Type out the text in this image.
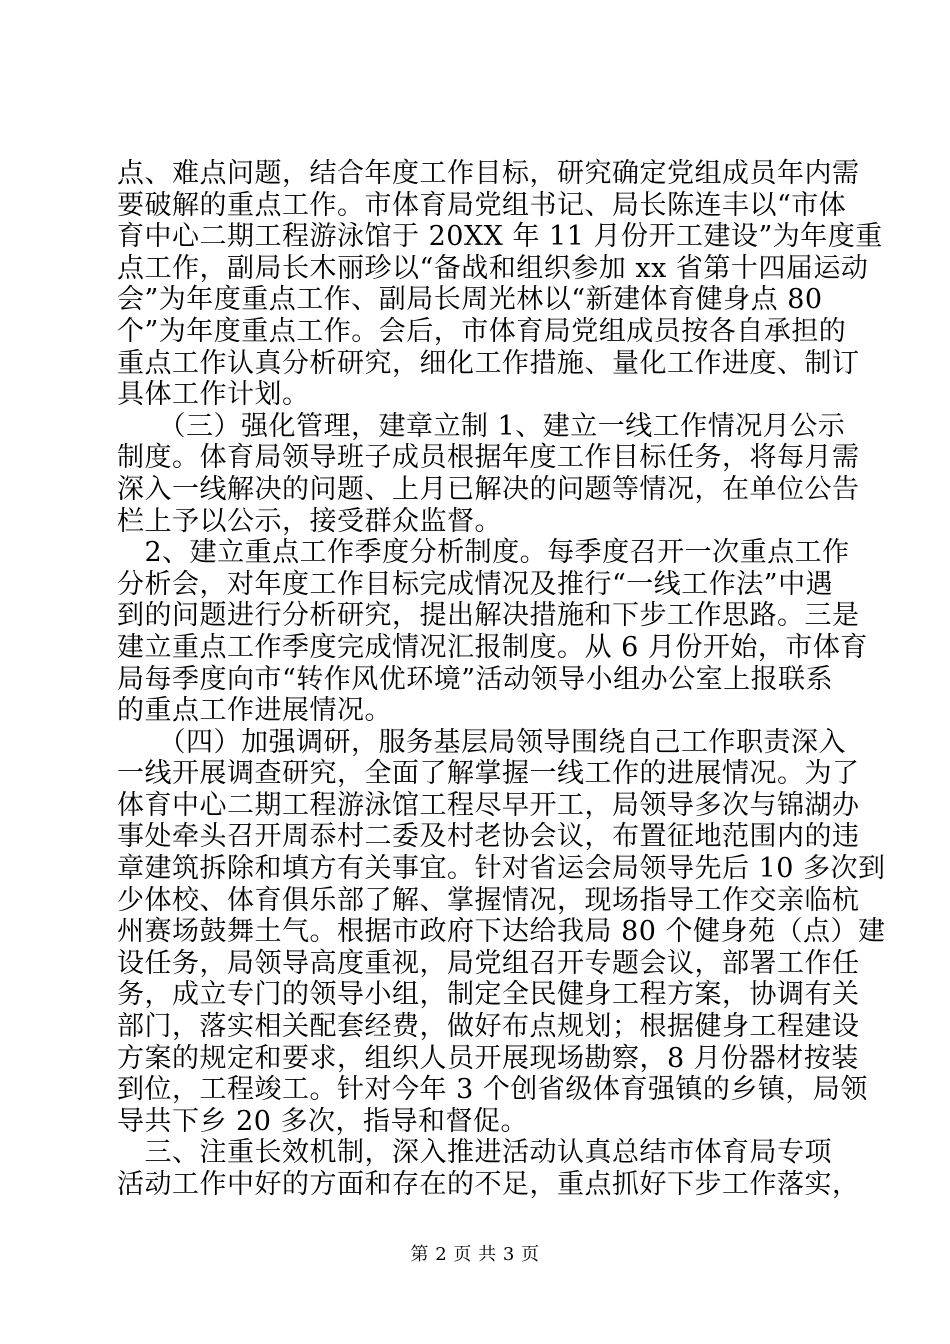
点、难点问题，结合年度工作目标，研究确定党组成员年内需
要破解的重点工作。市体育局党组书记、局长陈连丰以“市体
育中心二期工程游泳馆于 20XX 年 11 月份开工建设”为年度重
点工作，副局长木丽珍以“备战和组织参加 xx 省第十四届运动
会”为年度重点工作、副局长周光林以“新建体育健身点 80
个”为年度重点工作。会后，市体育局党组成员按各自承担的
重点工作认真分析研究，细化工作措施、量化工作进度、制订
具体工作计划。
　　（三）强化管理，建章立制 1、建立一线工作情况月公示
制度。体育局领导班子成员根据年度工作目标任务，将每月需
深入一线解决的问题、上月已解决的问题等情况，在单位公告
栏上予以公示，接受群众监督。
　2、建立重点工作季度分析制度。每季度召开一次重点工作
分析会，对年度工作目标完成情况及推行“一线工作法”中遇
到的问题进行分析研究，提出解决措施和下步工作思路。三是
建立重点工作季度完成情况汇报制度。从 6 月份开始，市体育
局每季度向市“转作风优环境”活动领导小组办公室上报联系
的重点工作进展情况。
　　（四）加强调研，服务基层局领导围绕自己工作职责深入
一线开展调查研究，全面了解掌握一线工作的进展情况。为了
体育中心二期工程游泳馆工程尽早开工，局领导多次与锦湖办
事处牵头召开周忝村二委及村老协会议，布置征地范围内的违
章建筑拆除和填方有关事宜。针对省运会局领导先后 10 多次到
少体校、体育俱乐部了解、掌握情况，现场指导工作交亲临杭
州赛场鼓舞土气。根据市政府下达给我局 80 个健身苑（点）建
设任务，局领导高度重视，局党组召开专题会议，部署工作任
务，成立专门的领导小组，制定全民健身工程方案，协调有关
部门，落实相关配套经费，做好布点规划；根据健身工程建设
方案的规定和要求，组织人员开展现场勘察，8 月份器材按装
到位，工程竣工。针对今年 3 个创省级体育强镇的乡镇，局领
导共下乡 20 多次，指导和督促。
　三、注重长效机制，深入推进活动认真总结市体育局专项
活动工作中好的方面和存在的不足，重点抓好下步工作落实，
第 2 页 共 3 页
